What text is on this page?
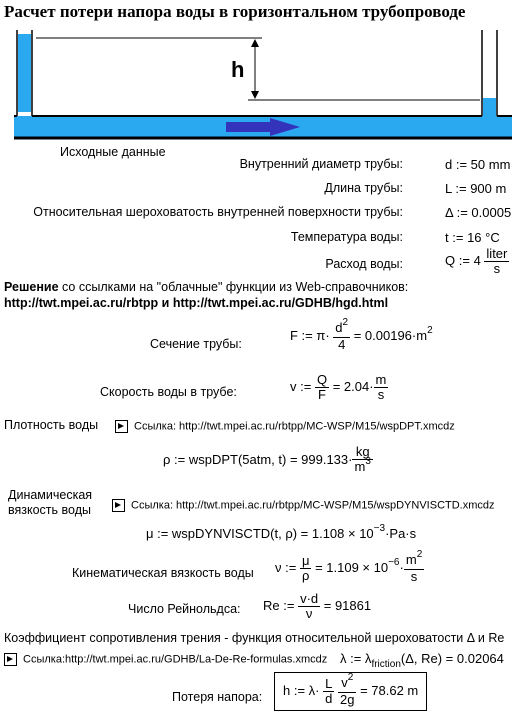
Расчет потери напора воды в горизонтальном трубопроводе
h
Исходные данные
Внутренний диаметр трубы:	d := 50 mm
Длина трубы:	L := 900 m
Относительная шероховатость внутренней поверхности трубы:	Δ := 0.0005
Температура воды:	t := 16 °C
Расход воды:	Q := $4 \frac{\text{liter}}{s}$
Решение со ссылками на "облачные" функции из Web-справочников:
http://twt.mpei.ac.ru/rbtpp и http://twt.mpei.ac.ru/GDHB/hgd.html
Сечение трубы:
F := $\pi\cdot \frac{d^2}{4} = 0.00196\cdot m^2$
Скорость воды в трубе:	v := $\frac{Q}{F} = 2.04\cdot \frac{m}{s}$
Плотность воды	Ссылка: http://twt.mpei.ac.ru/rbtpp/MC-WSP/M15/wspDPT.xmcdz
ρ := wspDPT(5atm, $t) = 999.133\cdot \frac{kg}{m^3}$
Динамическая
вязкость воды	Ссылка: http://twt.mpei.ac.ru/rbtpp/MC-WSP/M15/wspDYNVISCTD.xmcdz
μ := wspDYNVISCTD(t, $\rho) = 1.108 \times 10^{-3}\cdot Pa\cdot s$
Кинематическая вязкость воды ν := $\frac{\mu}{\rho} = 1.109 \times 10^{-6}\cdot \frac{m^2}{s}$
Число Рейнольдса: Re := $\frac{v\cdot d}{\nu} = 91861$
Коэффициент сопротивления трения - функция относительной шероховатости Δ и Re
Ссылка:http://twt.mpei.ac.ru/GDHB/La-De-Re-formulas.xmcdz λ := $\lambda_{friction}(\Delta$, Re) = 0.02064
Потеря напора:	h := $\lambda\cdot \frac{L}{d}$
$\frac{v^2}{2g} = 78.62$ m
